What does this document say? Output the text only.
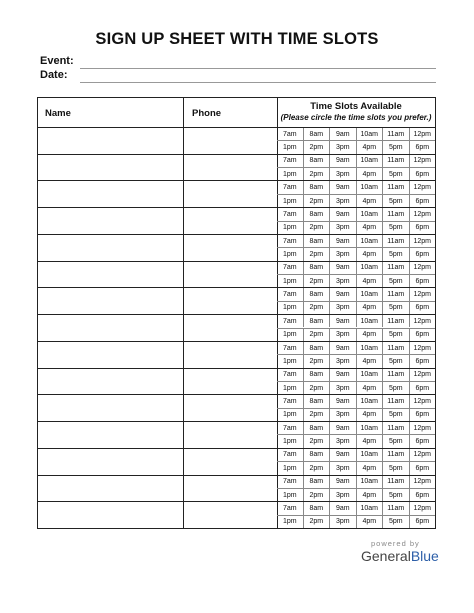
SIGN UP SHEET WITH TIME SLOTS
Event:
Date:
Name	Phone
Time Slots Available
(Please circle the time slots you prefer.)
7am	8am	9am	10am	11am	12pm
1pm	2pm	3pm	4pm	5pm	6pm
7am	8am	9am	10am	11am	12pm
1pm	2pm	3pm	4pm	5pm	6pm
7am	8am	9am	10am	11am	12pm
1pm	2pm	3pm	4pm	5pm	6pm
7am	8am	9am	10am	11am	12pm
1pm	2pm	3pm	4pm	5pm	6pm
7am	8am	9am	10am	11am	12pm
1pm	2pm	3pm	4pm	5pm	6pm
7am	8am	9am	10am	11am	12pm
1pm	2pm	3pm	4pm	5pm	6pm
7am	8am	9am	10am	11am	12pm
1pm	2pm	3pm	4pm	5pm	6pm
7am	8am	9am	10am	11am	12pm
1pm	2pm	3pm	4pm	5pm	6pm
7am	8am	9am	10am	11am	12pm
1pm	2pm	3pm	4pm	5pm	6pm
7am	8am	9am	10am	11am	12pm
1pm	2pm	3pm	4pm	5pm	6pm
7am	8am	9am	10am	11am	12pm
1pm	2pm	3pm	4pm	5pm	6pm
7am	8am	9am	10am	11am	12pm
1pm	2pm	3pm	4pm	5pm	6pm
7am	8am	9am	10am	11am	12pm
1pm	2pm	3pm	4pm	5pm	6pm
7am	8am	9am	10am	11am	12pm
1pm	2pm	3pm	4pm	5pm	6pm
7am	8am	9am	10am	11am	12pm
1pm	2pm	3pm	4pm	5pm	6pm
powered by
GeneralBlue
